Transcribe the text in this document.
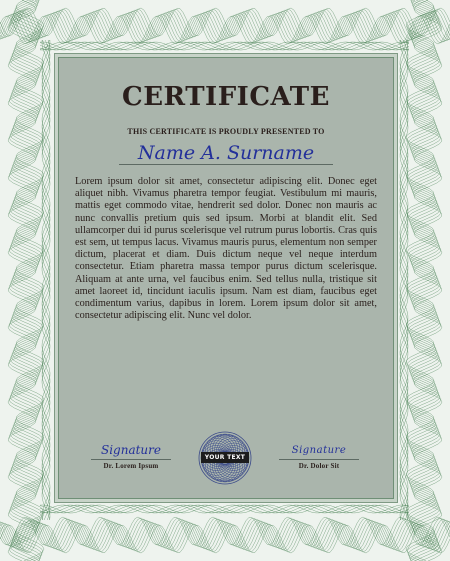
CERTIFICATE
THIS CERTIFICATE IS PROUDLY PRESENTED TO
Name A. Surname
Lorem ipsum dolor sit amet, consectetur adipiscing elit. Donec eget aliquet nibh. Vivamus pharetra tempor feugiat. Vestibulum mi mauris, mattis eget commodo vitae, hendrerit sed dolor. Donec non mauris ac nunc convallis pretium quis sed ipsum. Morbi at blandit elit. Sed ullamcorper dui id purus scelerisque vel rutrum purus lobortis. Cras quis est sem, ut tempus lacus. Vivamus mauris purus, elementum non semper dictum, placerat et diam. Duis dictum neque vel neque interdum consectetur. Etiam pharetra massa tempor purus dictum scelerisque. Aliquam at ante urna, vel faucibus enim. Sed tellus nulla, tristique sit amet laoreet id, tincidunt iaculis ipsum. Nam est diam, faucibus eget condimentum varius, dapibus in lorem. Lorem ipsum dolor sit amet, consectetur adipiscing elit. Nunc vel dolor.
Signature
Dr. Lorem Ipsum
YOUR TEXT
Signature
Dr. Dolor Sit
